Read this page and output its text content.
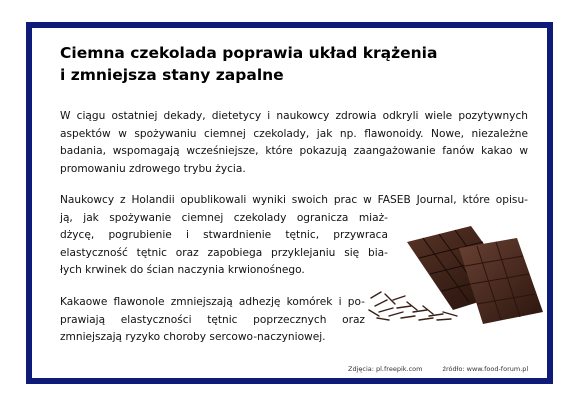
Ciemna czekolada poprawia układ krążenia
i zmniejsza stany zapalne

W ciągu ostatniej dekady, dietetycy i naukowcy zdrowia odkryli wiele pozytywnych aspektów w spożywaniu ciemnej czekolady, jak np. flawonoidy. Nowe, niezależne badania, wspomagają wcześniejsze, które pokazują zaangażowanie fanów kakao w promowaniu zdrowego trybu życia.

Naukowcy z Holandii opublikowali wyniki swoich prac w FASEB Journal, które opisu-
ją, jak spożywanie ciemnej czekolady ogranicza miaż-
dżycę, pogrubienie i stwardnienie tętnic, przywraca
elastyczność tętnic oraz zapobiega przyklejaniu się bia-
łych krwinek do ścian naczynia krwionośnego.

Kakaowe flawonole zmniejszają adhezję komórek i po-
prawiają elastyczności tętnic poprzecznych oraz
zmniejszają ryzyko choroby sercowo-naczyniowej.

Zdjęcia: pl.freepik.com	źródło: www.food-forum.pl
